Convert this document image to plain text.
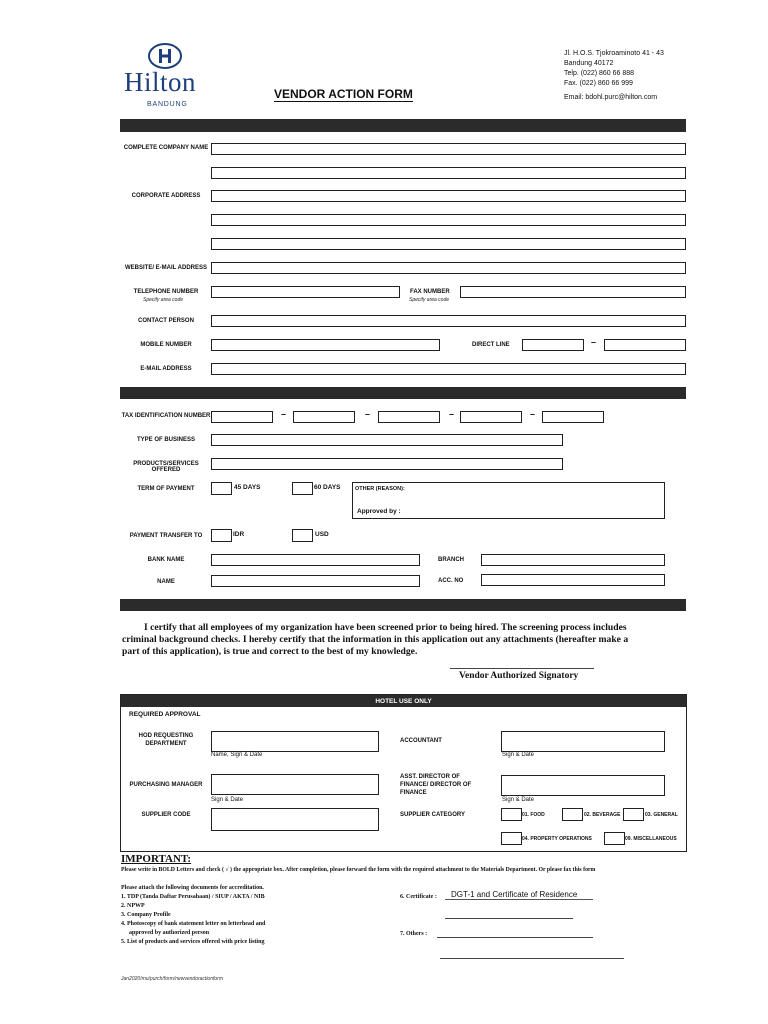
Hilton
BANDUNG
VENDOR ACTION FORM
Jl. H.O.S. Tjokroaminoto 41 - 43
Bandung 40172
Telp. (022) 860 66 888
Fax. (022) 860 66 999
Email: bdohl.purc@hilton.com
COMPLETE COMPANY NAME
CORPORATE ADDRESS
WEBSITE/ E-MAIL ADDRESS
TELEPHONE NUMBER
Specify area code
FAX NUMBER
Specify area code
CONTACT PERSON
MOBILE NUMBER	DIRECT LINE	–
E-MAIL ADDRESS
TAX IDENTIFICATION NUMBER	–	–	–	–
TYPE OF BUSINESS
PRODUCTS/SERVICES OFFERED
TERM OF PAYMENT	45 DAYS	60 DAYS	OTHER (REASON):
Approved by :
PAYMENT TRANSFER TO	IDR	USD
BANK NAME	BRANCH
NAME	ACC. NO
I certify that all employees of my organization have been screened prior to being hired. The screening process includes criminal background checks. I hereby certify that the information in this application out any attachments (hereafter make a part of this application), is true and correct to the best of my knowledge.
Vendor Authorized Signatory
HOTEL USE ONLY
REQUIRED APPROVAL
HOD REQUESTING DEPARTMENT
Name, Sign & Date
ACCOUNTANT
Sign & Date
PURCHASING MANAGER
Sign & Date
ASST. DIRECTOR OF FINANCE/ DIRECTOR OF FINANCE
Sign & Date
SUPPLIER CODE	SUPPLIER CATEGORY	01. FOOD	02. BEVERAGE	03. GENERAL
04. PROPERTY OPERATIONS	09. MISCELLANEOUS
IMPORTANT:
Please write in BOLD Letters and check ( √ ) the appropriate box. After completion, please forward the form with the required attachment to the Materials Department. Or please fax this form
Please attach the following documents for accreditation.
1. TDP (Tanda Daftar Perusahaan) / SIUP / AKTA / NIB
2. NPWP
3. Company Profile
4. Photoscopy of bank statement letter on letterhead and
approved by authorized person
5. List of products and services offered with price listing
6. Certificate :	DGT-1 and Certificate of Residence
7. Others :
Jan2020/mu/purch/form/newvendoractionform
